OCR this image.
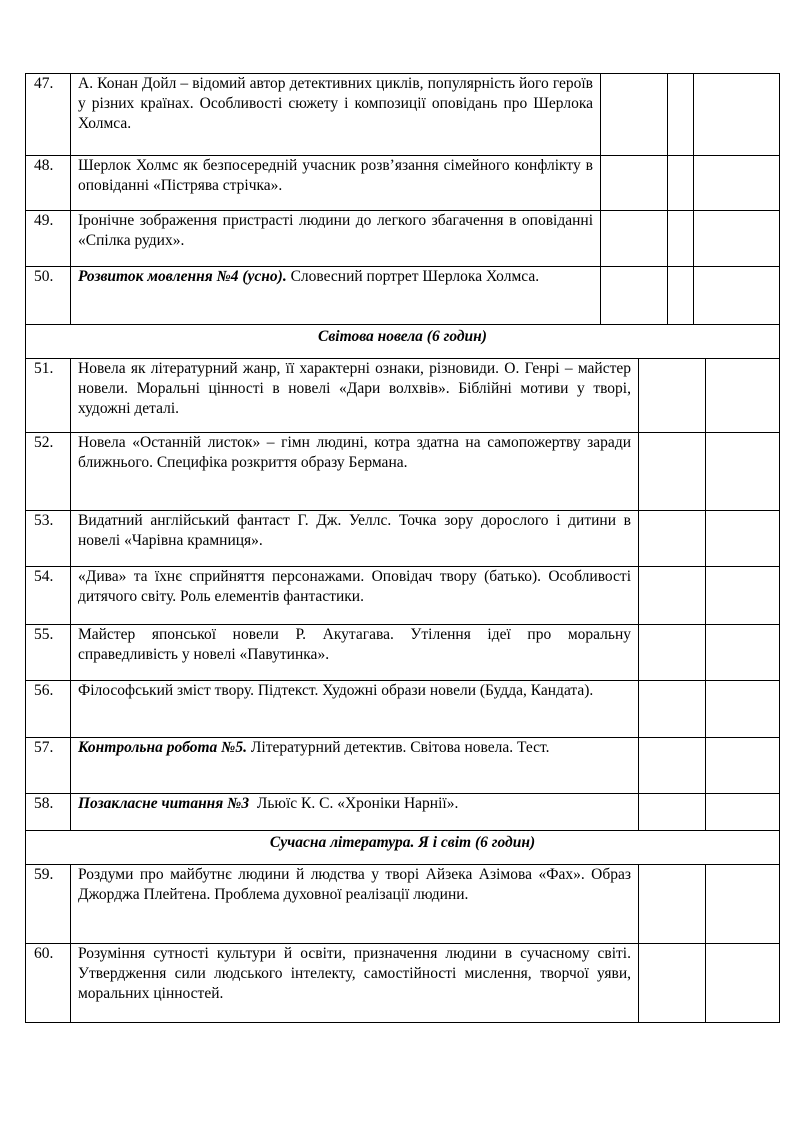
47.	А. Конан Дойл – відомий автор детективних циклів, популярність його героїв у різних країнах. Особливості сюжету і композиції оповідань про Шерлока Холмса.			

48.	Шерлок Холмс як безпосередній учасник розв’язання сімейного конфлікту в оповіданні «Пістрява стрічка».			

49.	Іронічне зображення пристрасті людини до легкого збагачення в оповіданні «Спілка рудих».			

50.	Розвиток мовлення №4 (усно). Словесний портрет Шерлока Холмса.			

Світова новела (6 годин)				
51.	Новела як літературний жанр, її характерні ознаки, різновиди. О. Генрі – майстер новели. Моральні цінності в новелі «Дари волхвів». Біблійні мотиви у творі, художні деталі.			

52.	Новела «Останній листок» – гімн людині, котра здатна на самопожертву заради ближнього. Специфіка розкриття образу Бермана.			

53.	Видатний англійський фантаст Г. Дж. Уеллс. Точка зору дорослого і дитини в новелі «Чарівна крамниця».			

54.	«Дива» та їхнє сприйняття персонажами. Оповідач твору (батько). Особливості дитячого світу. Роль елементів фантастики.			

55.	Майстер японської новели Р. Акутагава. Утілення ідеї про моральну справедливість у новелі «Павутинка».			

56.	Філософський зміст твору. Підтекст. Художні образи новели (Будда, Кандата).			

57.	Контрольна робота №5. Літературний детектив. Світова новела. Тест.			

58.	Позакласне читання №3  Льюїс К. С. «Хроніки Нарнії».			

Сучасна література. Я і світ (6 годин)				
59.	Роздуми про майбутнє людини й людства у творі Айзека Азімова «Фах». Образ Джорджа Плейтена. Проблема духовної реалізації людини.			

60.	Розуміння сутності культури й освіти, призначення людини в сучасному світі. Утвердження сили людського інтелекту, самостійності мислення, творчої уяви, моральних цінностей.			
